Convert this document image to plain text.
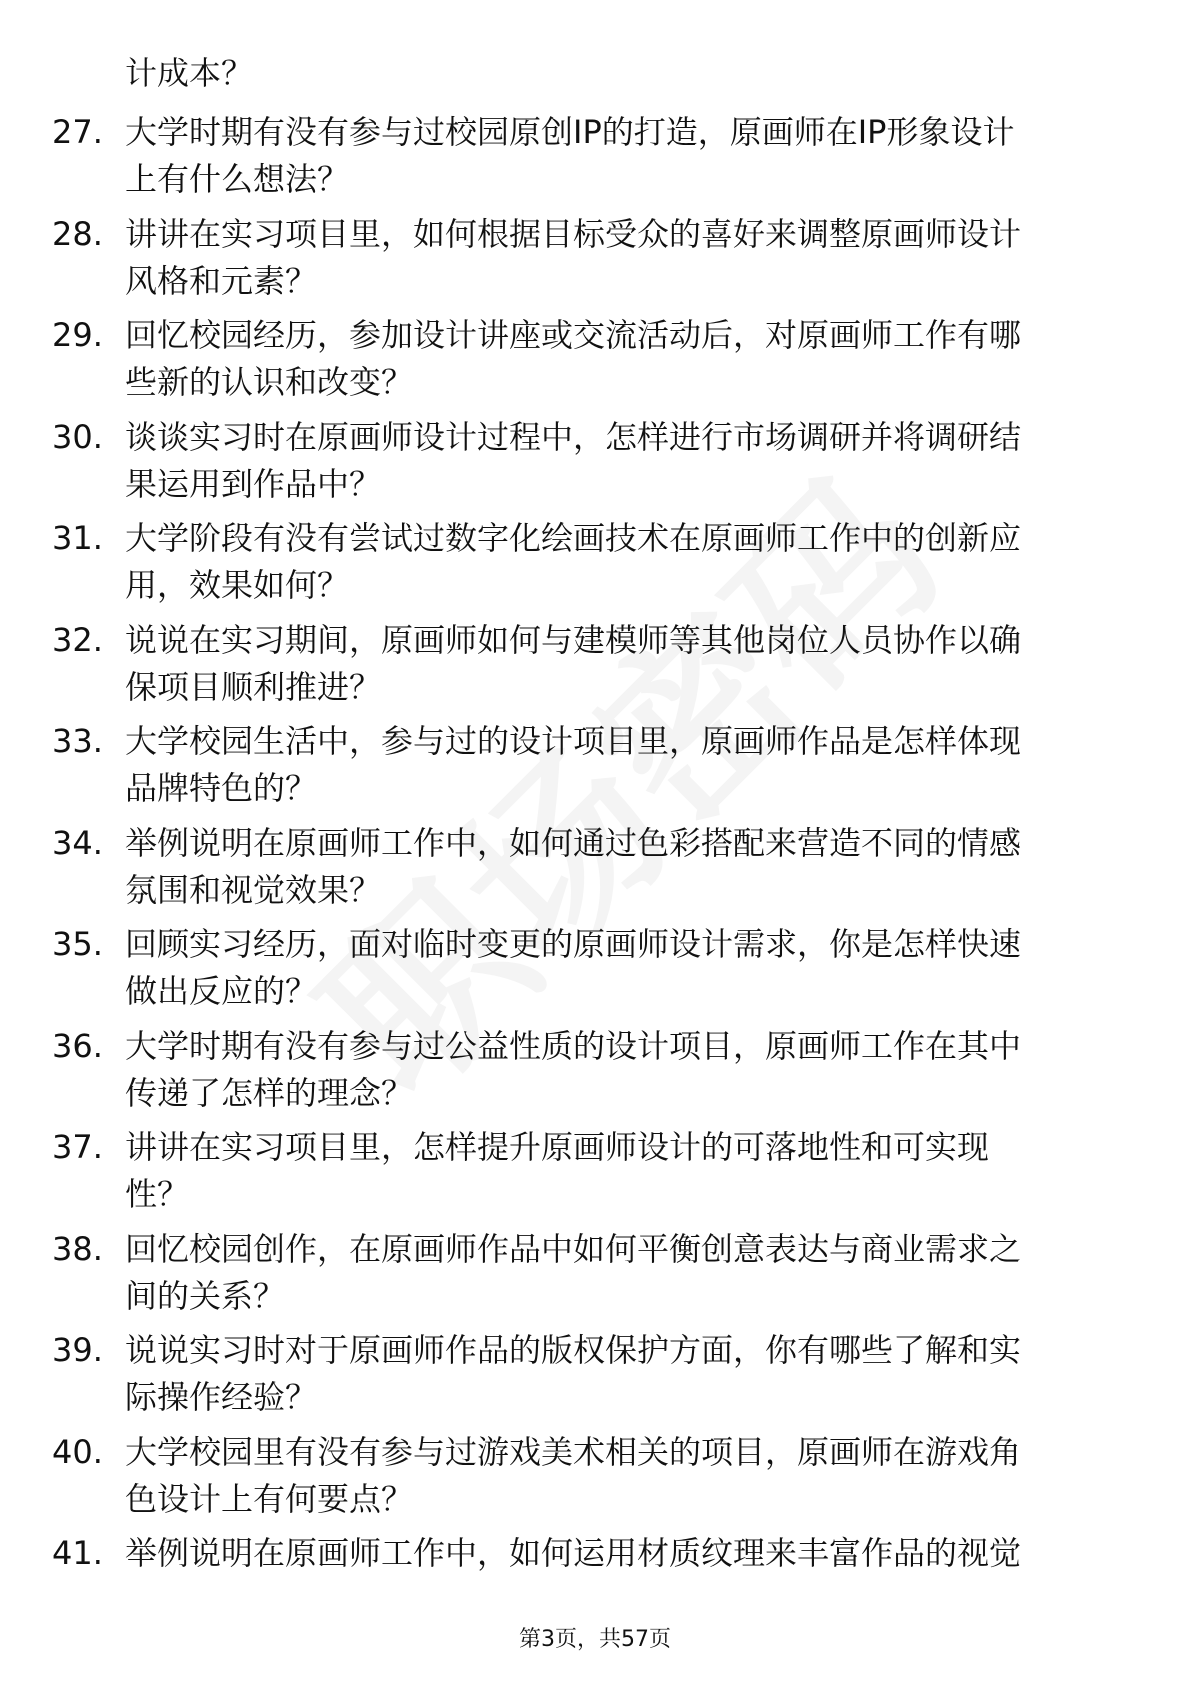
计成本？
27. 大学时期有没有参与过校园原创IP的打造，原画师在IP形象设计
上有什么想法？
28. 讲讲在实习项目里，如何根据目标受众的喜好来调整原画师设计
风格和元素？
29. 回忆校园经历，参加设计讲座或交流活动后，对原画师工作有哪
些新的认识和改变？
30. 谈谈实习时在原画师设计过程中，怎样进行市场调研并将调研结
果运用到作品中？
31. 大学阶段有没有尝试过数字化绘画技术在原画师工作中的创新应
用，效果如何？
32. 说说在实习期间，原画师如何与建模师等其他岗位人员协作以确
保项目顺利推进？
33. 大学校园生活中，参与过的设计项目里，原画师作品是怎样体现
品牌特色的？
34. 举例说明在原画师工作中，如何通过色彩搭配来营造不同的情感
氛围和视觉效果？
35. 回顾实习经历，面对临时变更的原画师设计需求，你是怎样快速
做出反应的？
36. 大学时期有没有参与过公益性质的设计项目，原画师工作在其中
传递了怎样的理念？
37. 讲讲在实习项目里，怎样提升原画师设计的可落地性和可实现
性？
38. 回忆校园创作，在原画师作品中如何平衡创意表达与商业需求之
间的关系？
39. 说说实习时对于原画师作品的版权保护方面，你有哪些了解和实
际操作经验？
40. 大学校园里有没有参与过游戏美术相关的项目，原画师在游戏角
色设计上有何要点？
41. 举例说明在原画师工作中，如何运用材质纹理来丰富作品的视觉
第3页，共57页
